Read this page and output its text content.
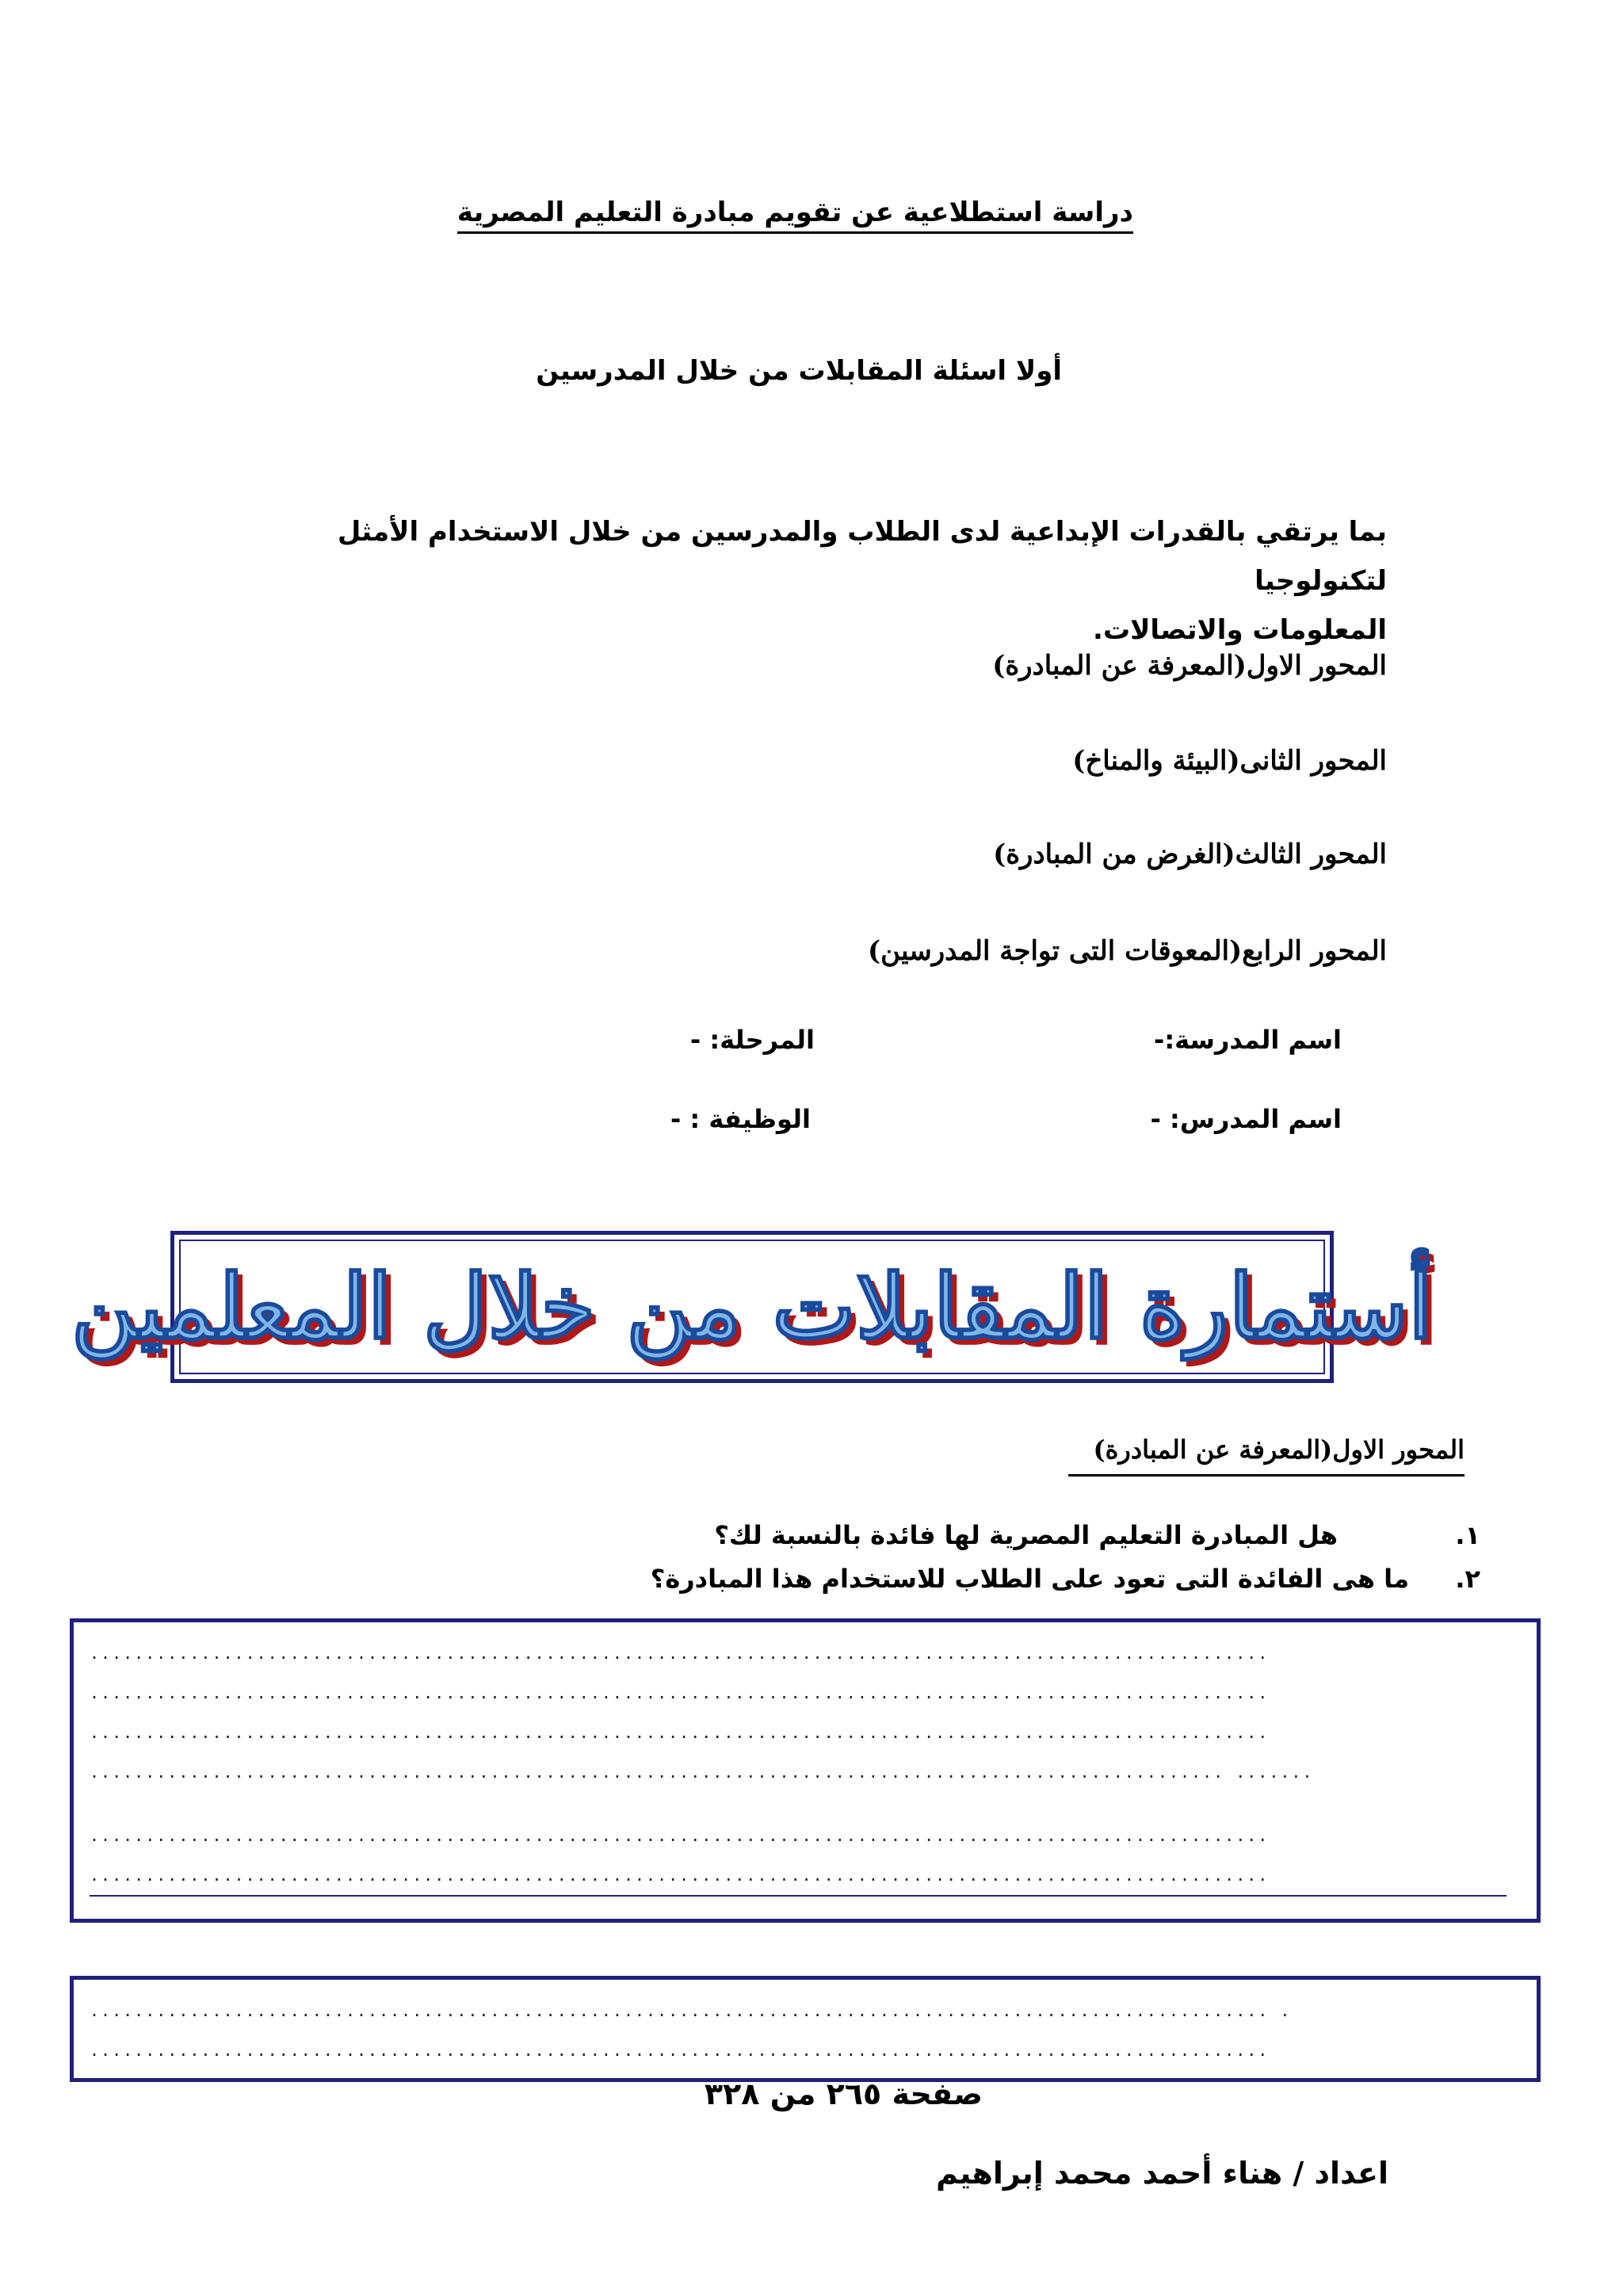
دراسة استطلاعية عن تقويم مبادرة التعليم المصرية
أولا اسئلة المقابلات من خلال المدرسين
بما يرتقي بالقدرات الإبداعية لدى الطلاب والمدرسين من خلال الاستخدام الأمثل لتكنولوجيا
المعلومات والاتصالات.
المحور الاول(المعرفة عن المبادرة)
المحور الثانى(البيئة والمناخ)
المحور الثالث(الغرض من المبادرة)
المحور الرابع(المعوقات التى تواجة المدرسين)
اسم المدرسة:-
المرحلة: -
اسم المدرس: -
الوظيفة : -
أستمارة المقابلات من خلال المعلمين
المحور الاول(المعرفة عن المبادرة)
١.
هل المبادرة التعليم المصرية لها فائدة بالنسبة لك؟
٢.
ما هى الفائدة التى تعود على الطلاب للاستخدام هذا المبادرة؟
..........................................................................................................
..........................................................................................................
..........................................................................................................
...................................................................................................... .......
..........................................................................................................
..........................................................................................................
.......................................................................................................... .
..........................................................................................................
صفحة ٢٦٥ من ٣٢٨
اعداد / هناء أحمد محمد إبراهيم
